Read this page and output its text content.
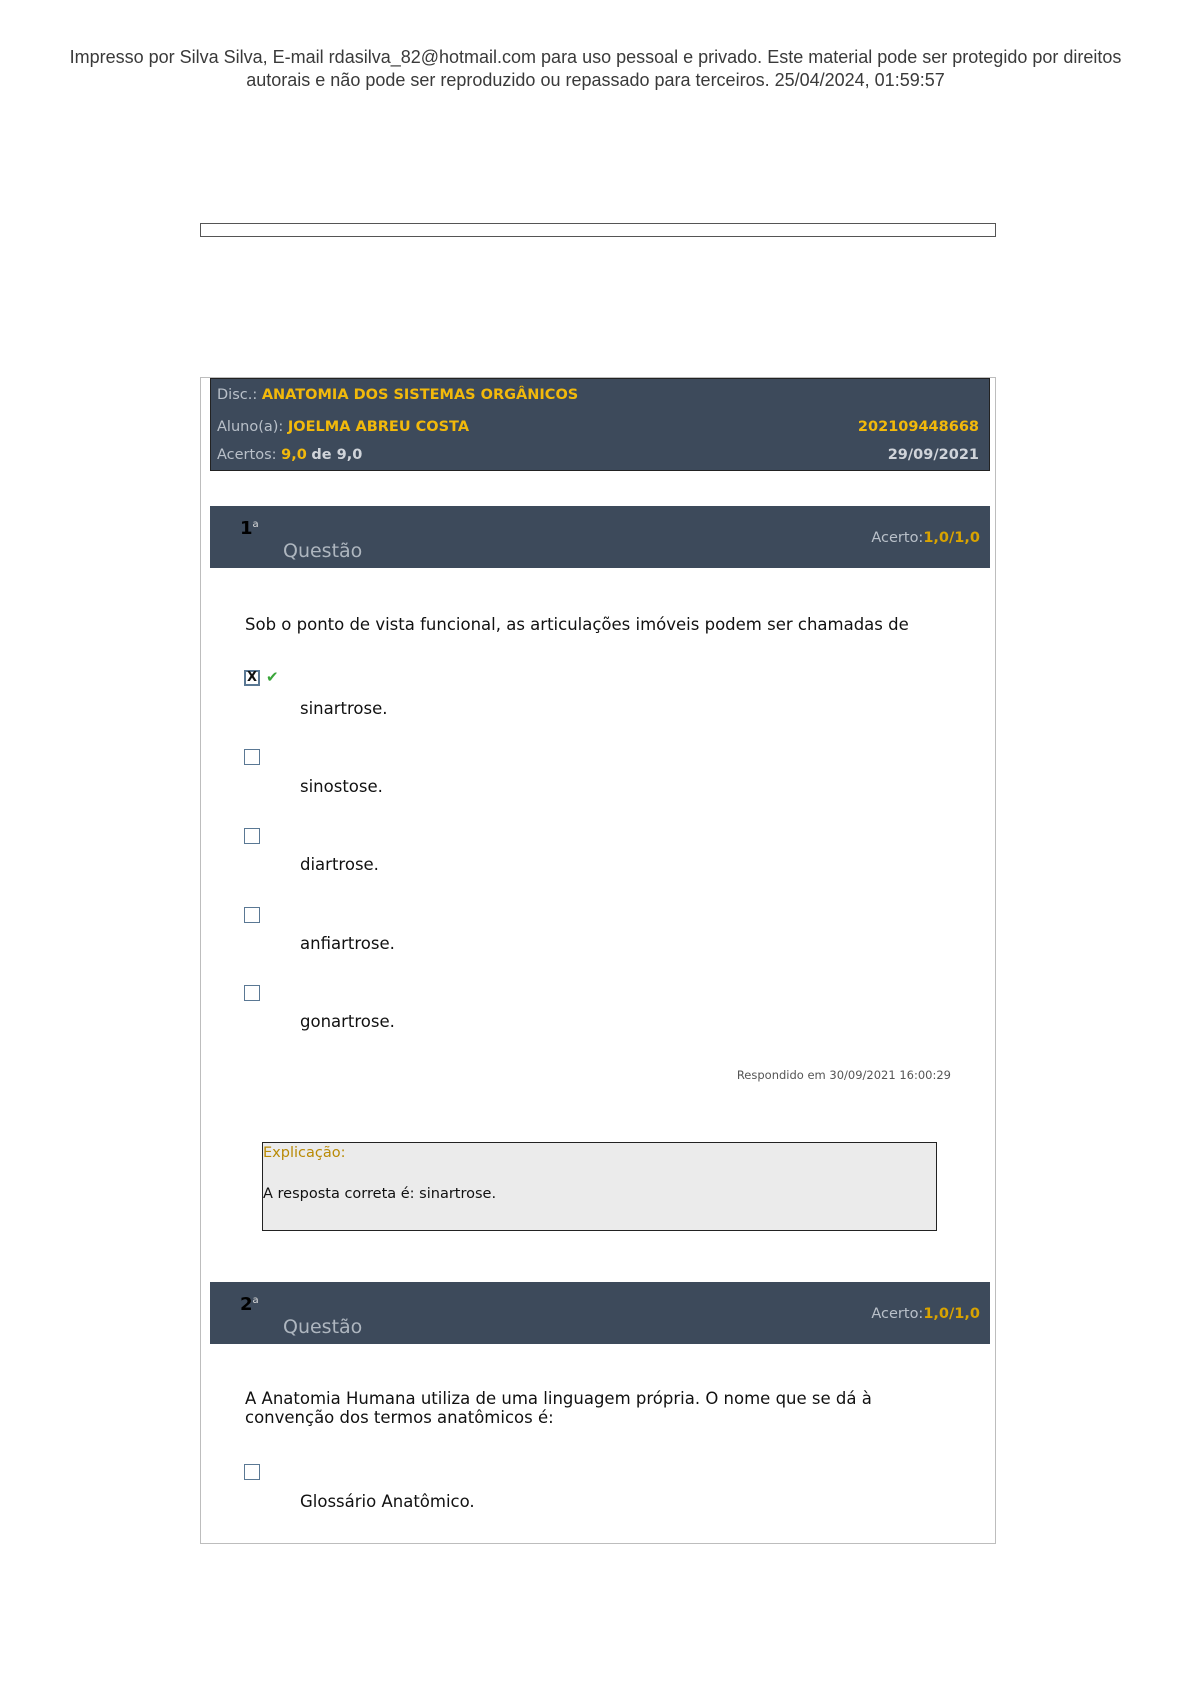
Impresso por Silva Silva, E-mail rdasilva_82@hotmail.com para uso pessoal e privado. Este material pode ser protegido por direitos
autorais e não pode ser reproduzido ou repassado para terceiros. 25/04/2024, 01:59:57
Disc.: ANATOMIA DOS SISTEMAS ORGÂNICOS
Aluno(a): JOELMA ABREU COSTA	202109448668
Acertos: 9,0 de 9,0	29/09/2021
1$^a$
Questão
Acerto:1,0/1,0
Sob o ponto de vista funcional, as articulações imóveis podem ser chamadas de
X ✔
sinartrose.
sinostose.
diartrose.
anfiartrose.
gonartrose.
Respondido em 30/09/2021 16:00:29
Explicação:
A resposta correta é: sinartrose.
2$^a$
Questão
Acerto:1,0/1,0
A Anatomia Humana utiliza de uma linguagem própria. O nome que se dá à convenção dos termos anatômicos é:
Glossário Anatômico.
